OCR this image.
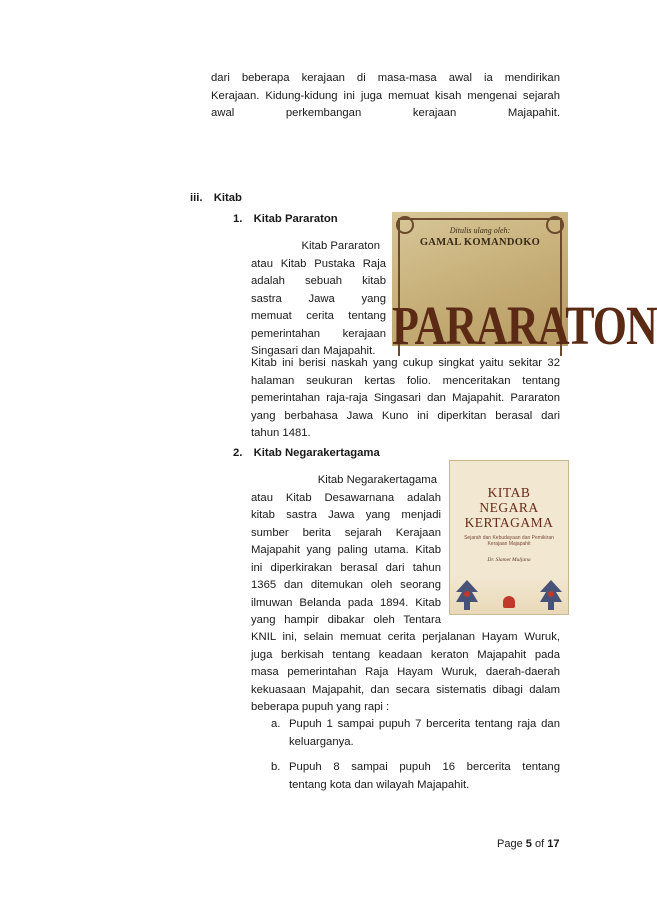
dari beberapa kerajaan di masa-masa awal ia mendirikan
Kerajaan. Kidung-kidung ini juga memuat kisah mengenai sejarah
awal perkembangan kerajaan Majapahit.
iii. Kitab
1. Kitab Pararaton
Kitab Pararaton
atau Kitab Pustaka Raja
adalah sebuah kitab
sastra Jawa yang
memuat cerita tentang
pemerintahan kerajaan
Singasari dan Majapahit.
Kitab ini berisi naskah yang cukup singkat yaitu sekitar 32
halaman seukuran kertas folio. menceritakan tentang
pemerintahan raja-raja Singasari dan Majapahit. Pararaton
yang berbahasa Jawa Kuno ini diperkitan berasal dari
tahun 1481.
Ditulis ulang oleh:
GAMAL KOMANDOKO
PARARATON
2. Kitab Negarakertagama
Kitab Negarakertagama
atau Kitab Desawarnana adalah
kitab sastra Jawa yang menjadi
sumber berita sejarah Kerajaan
Majapahit yang paling utama. Kitab
ini diperkirakan berasal dari tahun
1365 dan ditemukan oleh seorang
ilmuwan Belanda pada 1894. Kitab
yang hampir dibakar oleh Tentara
KNIL ini, selain memuat cerita perjalanan Hayam Wuruk,
juga berkisah tentang keadaan keraton Majapahit pada
masa pemerintahan Raja Hayam Wuruk, daerah-daerah
kekuasaan Majapahit, dan secara sistematis dibagi dalam
beberapa pupuh yang rapi :
KITAB
NEGARA
KERTAGAMA
Sejarah dan Kebudayaan dan Pemikiran Kerajaan Majapahit
Dr. Slamet Muljana
a. Pupuh 1 sampai pupuh 7 bercerita tentang raja dan
keluarganya.
b. Pupuh 8 sampai pupuh 16 bercerita tentang
tentang kota dan wilayah Majapahit.
Page 5 of 17
